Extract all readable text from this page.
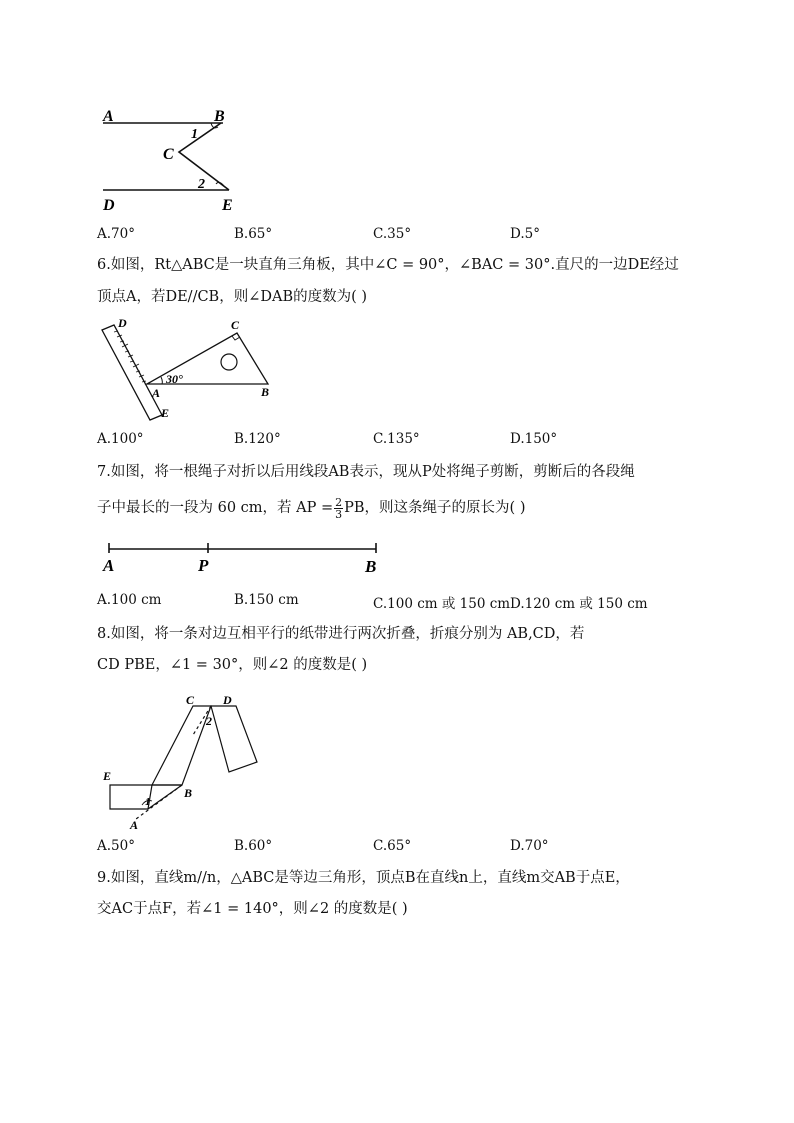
A	B
C
D	E
1
2
A.70°	B.65°	C.35°	D.5°
6.如图，Rt△ABC是一块直角三角板，其中∠C = 90°，∠BAC = 30°.直尺的一边DE经过
顶点A，若DE//CB，则∠DAB的度数为( )
D	C
A	B
E
30°
A.100°	B.120°	C.135°	D.150°
7.如图，将一根绳子对折以后用线段AB表示，现从P处将绳子剪断，剪断后的各段绳
子中最长的一段为 60 cm，若 AP = $\frac{2}{3}$ PB，则这条绳子的原长为( )
A	P	B
A.100 cm	B.150 cm	C.100 cm 或 150 cm D.120 cm 或 150 cm
8.如图，将一条对边互相平行的纸带进行两次折叠，折痕分别为 AB,CD，若
CD PBE，∠1 = 30°，则∠2 的度数是( )
C D
E
A
B
1
2
A.50°	B.60°	C.65°	D.70°
9.如图，直线m//n，△ABC是等边三角形，顶点B在直线n上，直线m交AB于点E，
交AC于点F，若∠1 = 140°，则∠2 的度数是( )
